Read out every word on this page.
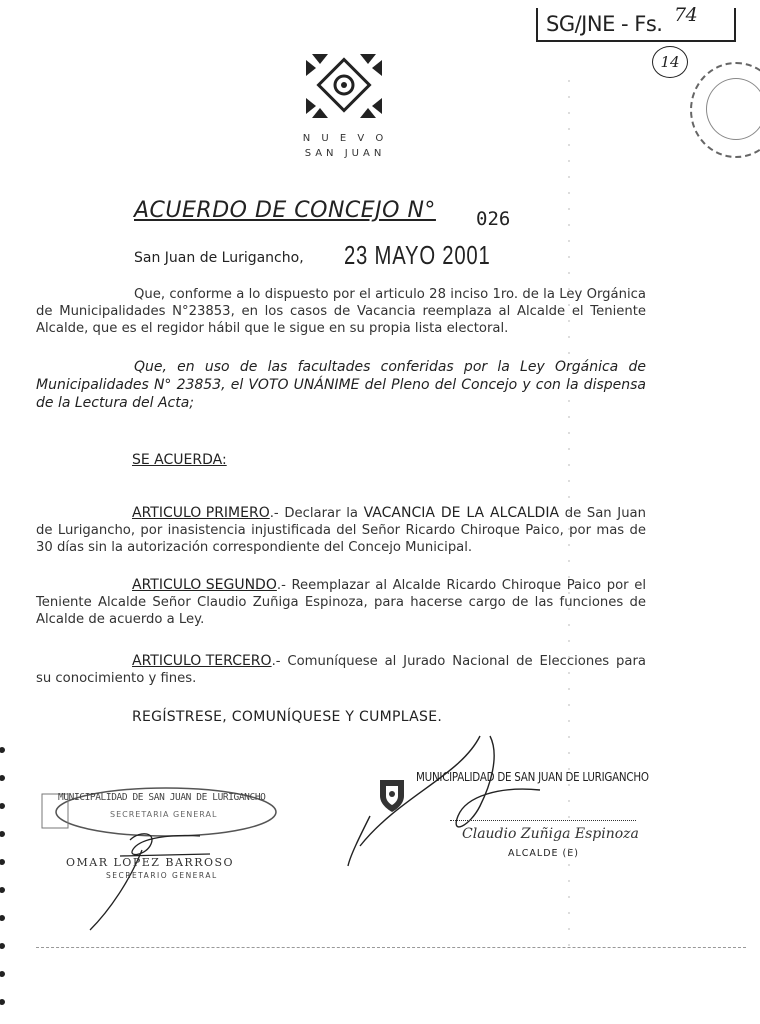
SG/JNE - Fs. 74
14
N U E V O
SAN JUAN
ACUERDO DE CONCEJO N° 026
San Juan de Lurigancho, 23 MAYO 2001
Que, conforme a lo dispuesto por el articulo 28 inciso 1ro. de la Ley Orgánica de Municipalidades N°23853, en los casos de Vacancia reemplaza al Alcalde el Teniente Alcalde, que es el regidor hábil que le sigue en su propia lista electoral.
Que, en uso de las facultades conferidas por la Ley Orgánica de Municipalidades N° 23853, el VOTO UNÁNIME del Pleno del Concejo y con la dispensa de la Lectura del Acta;
SE ACUERDA:
ARTICULO PRIMERO.- Declarar la VACANCIA DE LA ALCALDIA de San Juan de Lurigancho, por inasistencia injustificada del Señor Ricardo Chiroque Paico, por mas de 30 días sin la autorización correspondiente del Concejo Municipal.
ARTICULO SEGUNDO.- Reemplazar al Alcalde Ricardo Chiroque Paico por el Teniente Alcalde Señor Claudio Zuñiga Espinoza, para hacerse cargo de las funciones de Alcalde de acuerdo a Ley.
ARTICULO TERCERO.- Comuníquese al Jurado Nacional de Elecciones para su conocimiento y fines.
REGÍSTRESE, COMUNÍQUESE Y CUMPLASE.
MUNICIPALIDAD DE SAN JUAN DE LURIGANCHO
SECRETARIA GENERAL
OMAR LOPEZ BARROSO
SECRETARIO GENERAL
MUNICIPALIDAD DE SAN JUAN DE LURIGANCHO
Claudio Zuñiga Espinoza
ALCALDE (E)
